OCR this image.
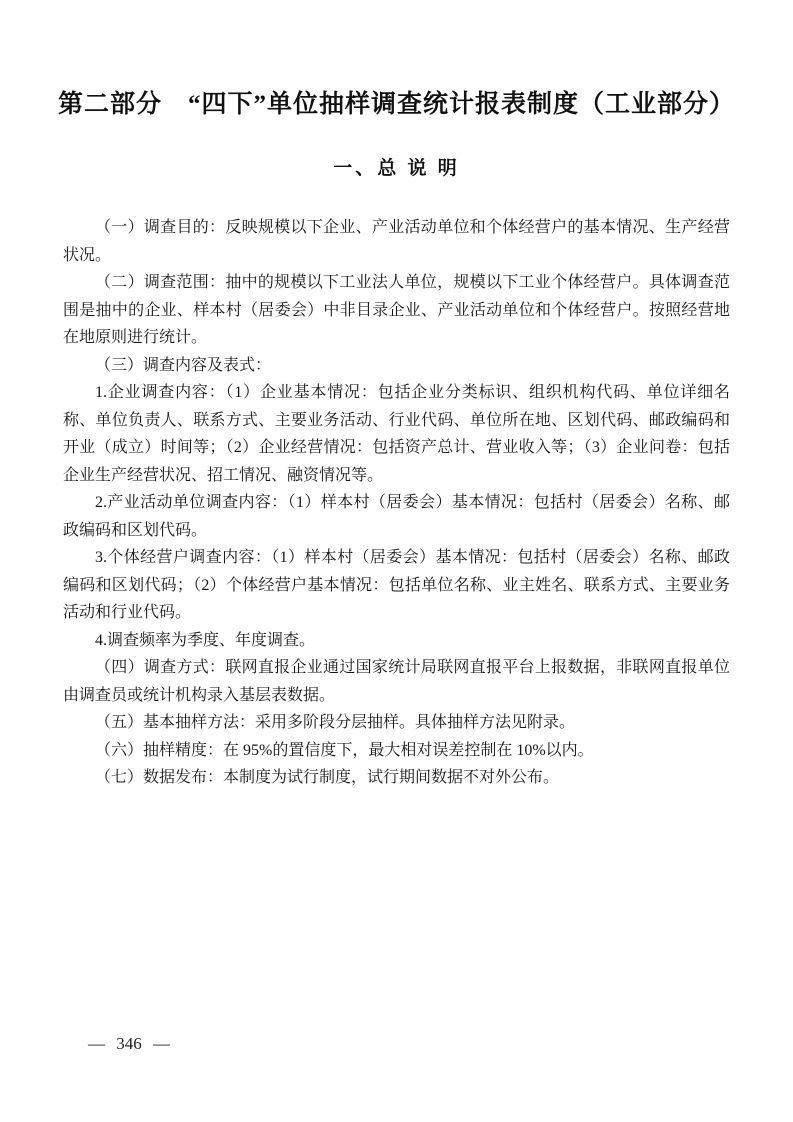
第二部分　“四下”单位抽样调查统计报表制度（工业部分）
一、总 说 明

（一）调查目的：反映规模以下企业、产业活动单位和个体经营户的基本情况、生产经营状况。

（二）调查范围：抽中的规模以下工业法人单位，规模以下工业个体经营户。具体调查范围是抽中的企业、样本村（居委会）中非目录企业、产业活动单位和个体经营户。按照经营地在地原则进行统计。

（三）调查内容及表式：

1.企业调查内容：（1）企业基本情况：包括企业分类标识、组织机构代码、单位详细名称、单位负责人、联系方式、主要业务活动、行业代码、单位所在地、区划代码、邮政编码和开业（成立）时间等；（2）企业经营情况：包括资产总计、营业收入等；（3）企业问卷：包括企业生产经营状况、招工情况、融资情况等。

2.产业活动单位调查内容：（1）样本村（居委会）基本情况：包括村（居委会）名称、邮政编码和区划代码。

3.个体经营户调查内容：（1）样本村（居委会）基本情况：包括村（居委会）名称、邮政编码和区划代码；（2）个体经营户基本情况：包括单位名称、业主姓名、联系方式、主要业务活动和行业代码。

4.调查频率为季度、年度调查。

（四）调查方式：联网直报企业通过国家统计局联网直报平台上报数据，非联网直报单位由调查员或统计机构录入基层表数据。

（五）基本抽样方法：采用多阶段分层抽样。具体抽样方法见附录。

（六）抽样精度：在 95%的置信度下，最大相对误差控制在 10%以内。

（七）数据发布：本制度为试行制度，试行期间数据不对外公布。

— 346 —
